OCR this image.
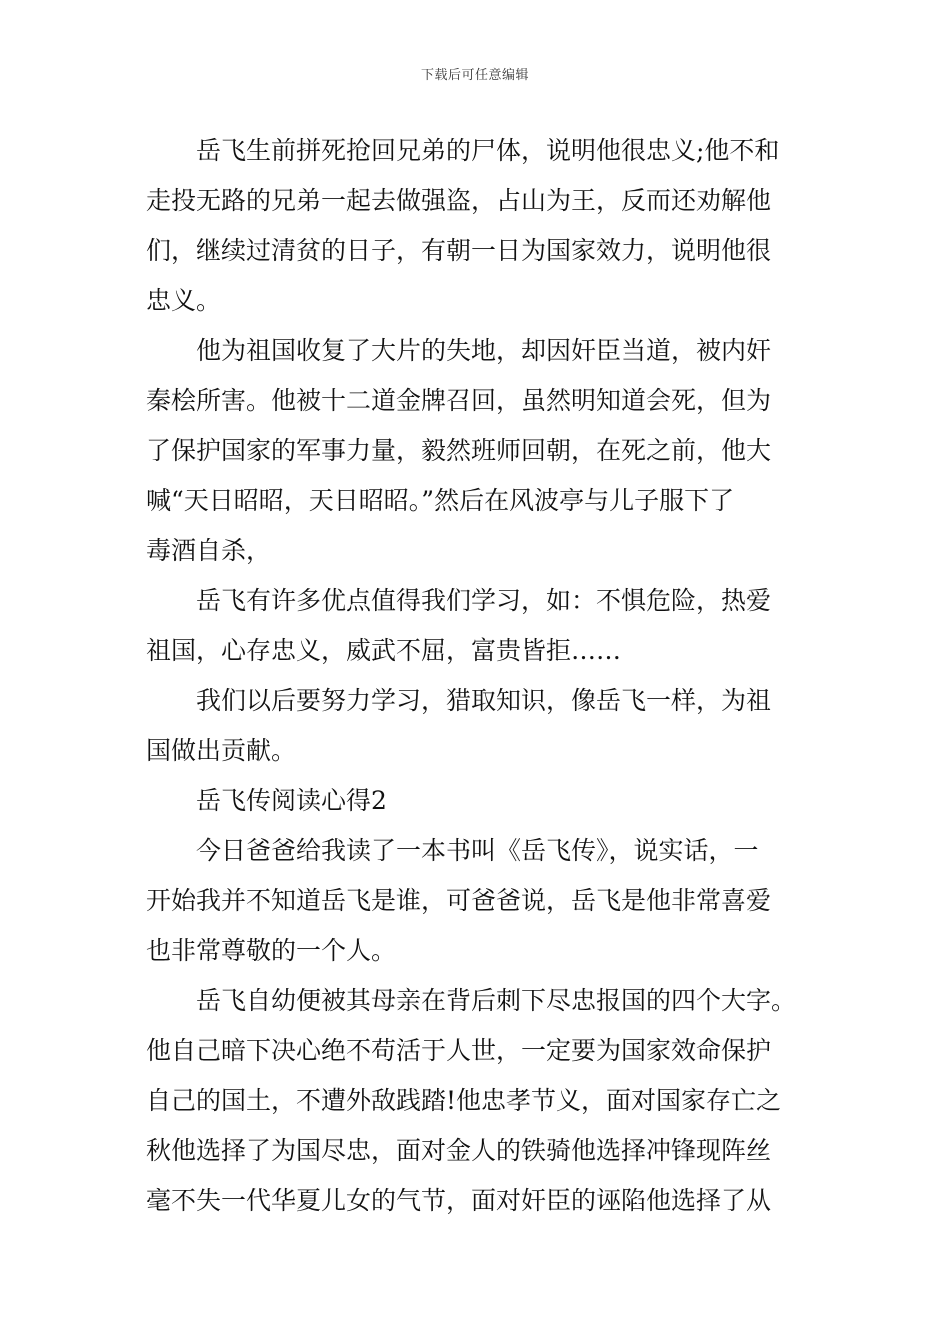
下载后可任意编辑
岳飞生前拼死抢回兄弟的尸体，说明他很忠义;他不和
走投无路的兄弟一起去做强盗，占山为王，反而还劝解他
们，继续过清贫的日子，有朝一日为国家效力，说明他很
忠义。
他为祖国收复了大片的失地，却因奸臣当道，被内奸
秦桧所害。他被十二道金牌召回，虽然明知道会死，但为
了保护国家的军事力量，毅然班师回朝，在死之前，他大
喊“天日昭昭，天日昭昭。”然后在风波亭与儿子服下了
毒酒自杀，
岳飞有许多优点值得我们学习，如：不惧危险，热爱
祖国，心存忠义，威武不屈，富贵皆拒……
我们以后要努力学习，猎取知识，像岳飞一样，为祖
国做出贡献。
岳飞传阅读心得2
今日爸爸给我读了一本书叫《岳飞传》，说实话，一
开始我并不知道岳飞是谁，可爸爸说，岳飞是他非常喜爱
也非常尊敬的一个人。
岳飞自幼便被其母亲在背后刺下尽忠报国的四个大字。
他自己暗下决心绝不苟活于人世，一定要为国家效命保护
自己的国土，不遭外敌践踏!他忠孝节义，面对国家存亡之
秋他选择了为国尽忠，面对金人的铁骑他选择冲锋现阵丝
毫不失一代华夏儿女的气节，面对奸臣的诬陷他选择了从
